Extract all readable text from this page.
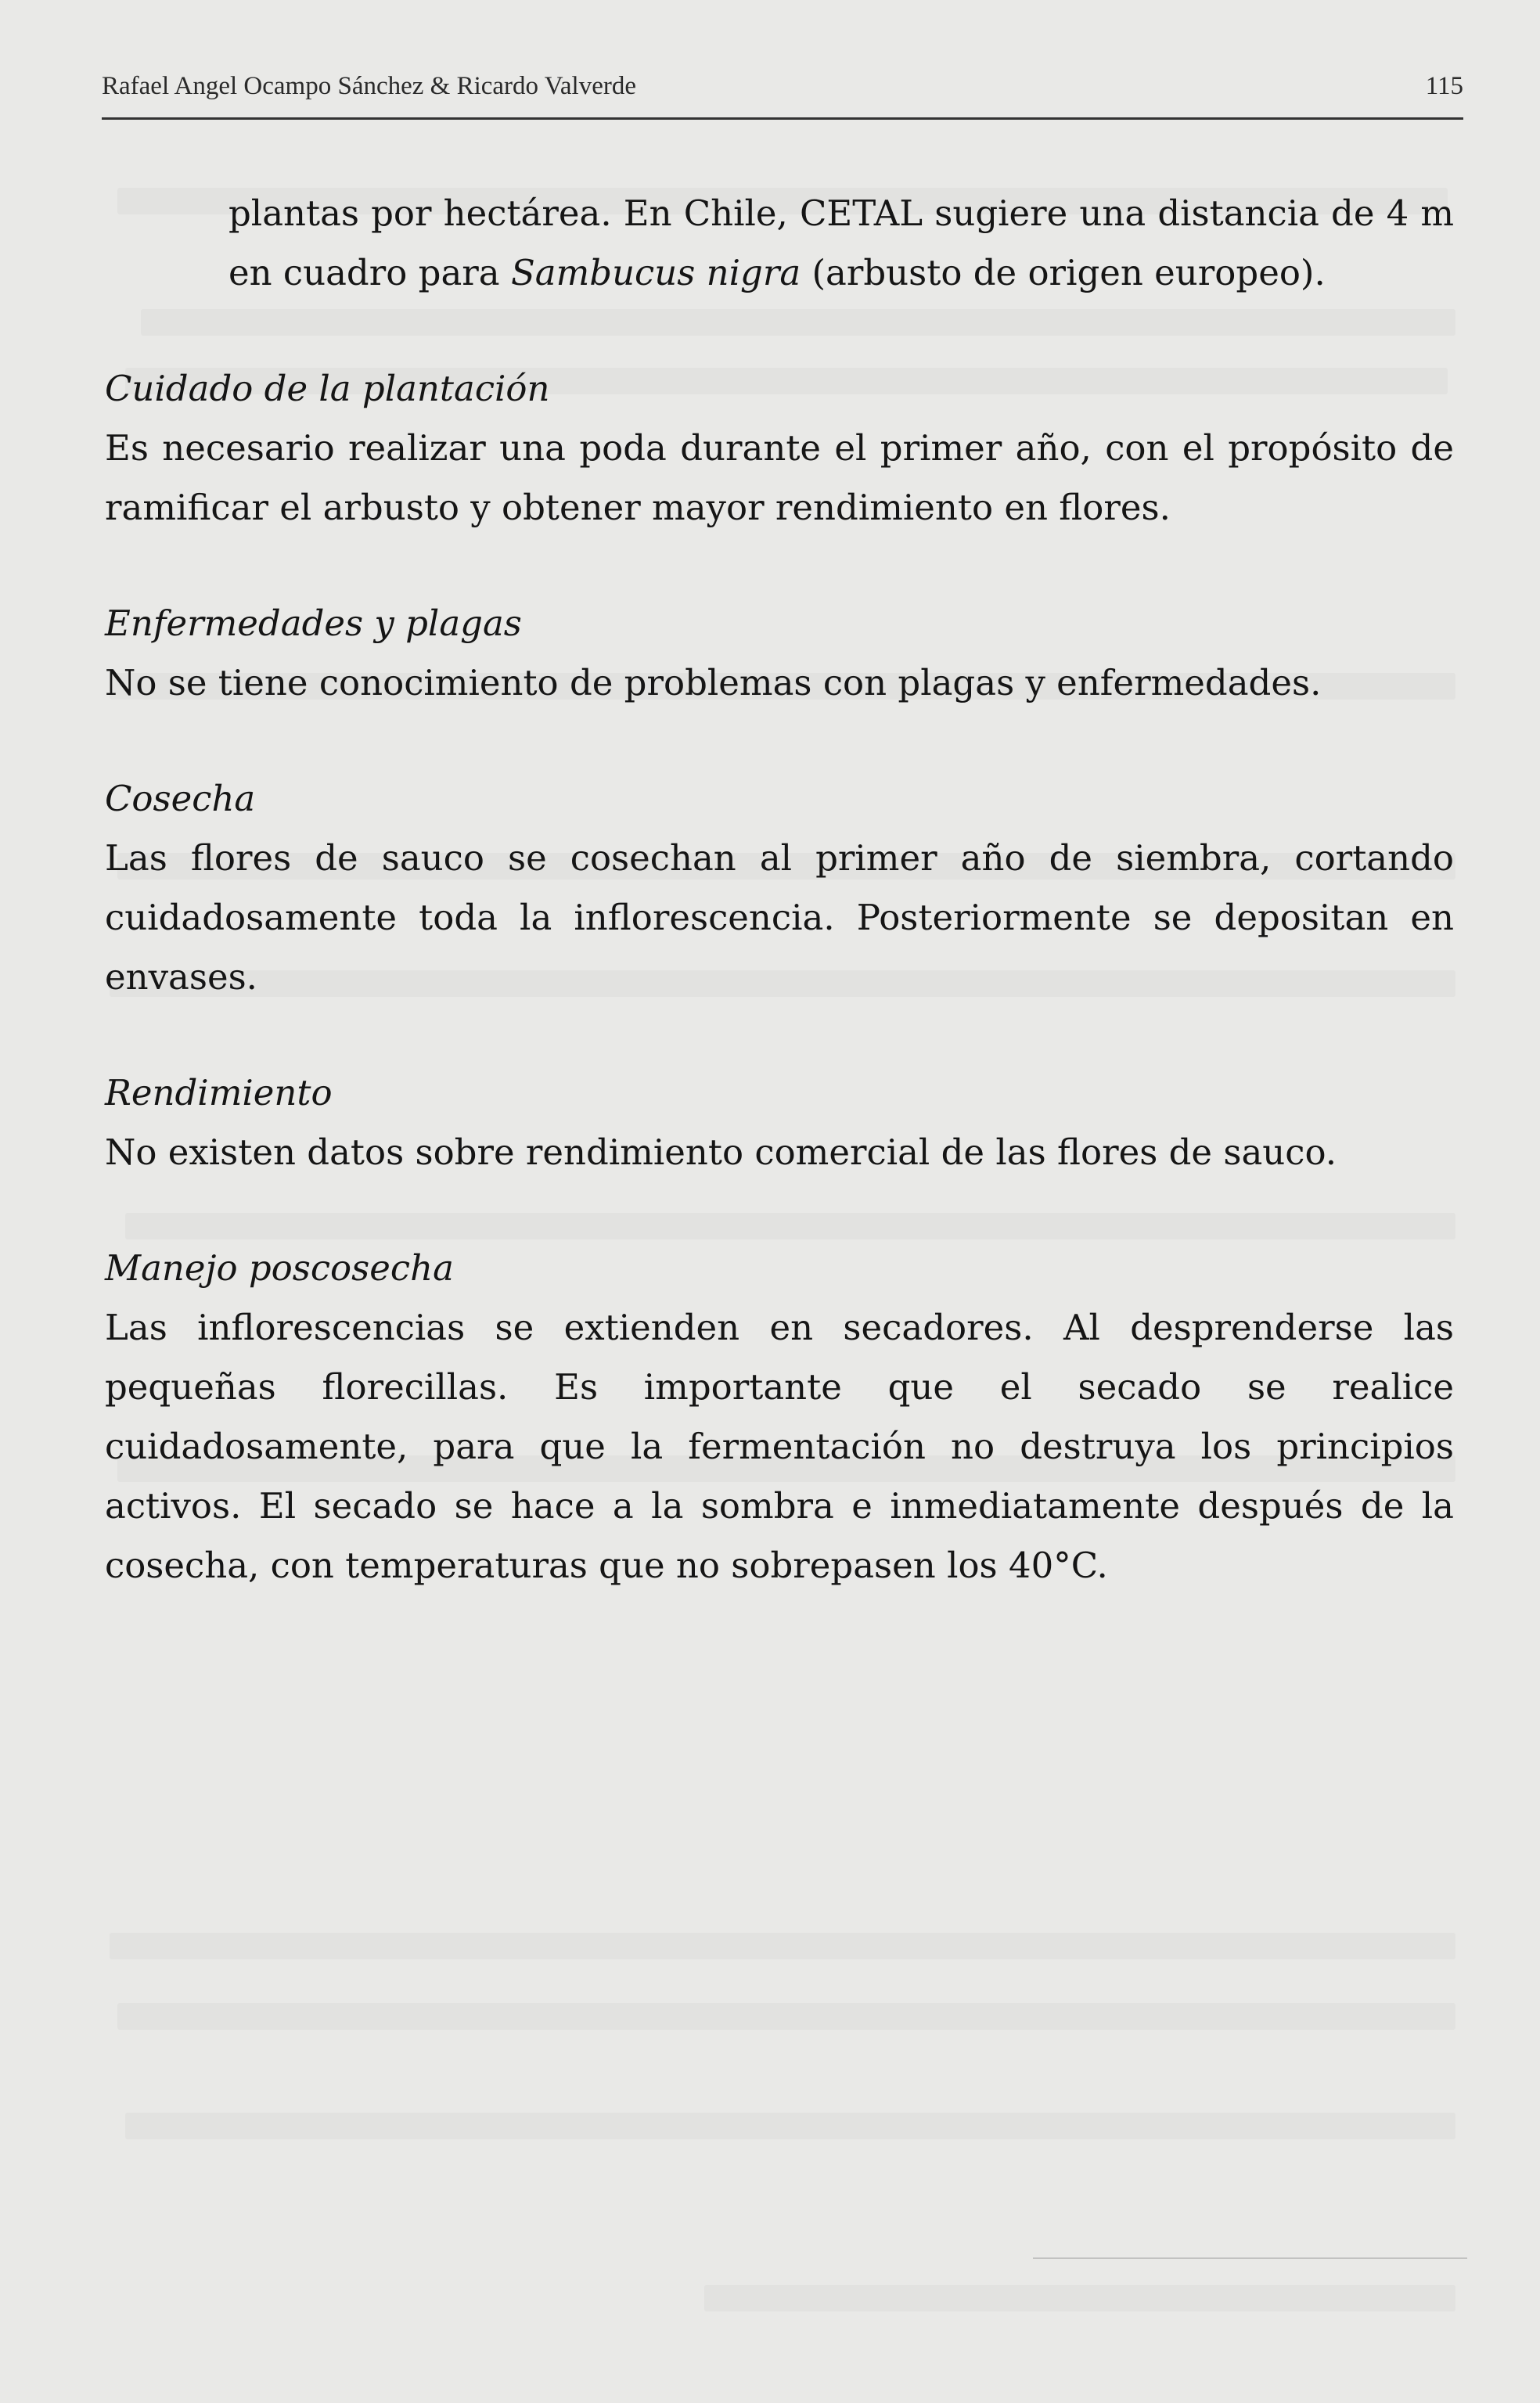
Rafael Angel Ocampo Sánchez & Ricardo Valverde	115

plantas por hectárea. En Chile, CETAL sugiere una distancia de 4 m en cuadro para Sambucus nigra (arbusto de origen europeo).

Cuidado de la plantación

Es necesario realizar una poda durante el primer año, con el propósito de ramificar el arbusto y obtener mayor rendimiento en flores.

Enfermedades y plagas

No se tiene conocimiento de problemas con plagas y enfermedades.

Cosecha

Las flores de sauco se cosechan al primer año de siembra, cortando cuidadosamente toda la inflorescencia. Posteriormente se depositan en envases.

Rendimiento

No existen datos sobre rendimiento comercial de las flores de sauco.

Manejo poscosecha

Las inflorescencias se extienden en secadores. Al desprenderse las pequeñas florecillas. Es importante que el secado se realice cuidadosamente, para que la fermentación no destruya los principios activos. El secado se hace a la sombra e inmediatamente después de la cosecha, con temperaturas que no sobrepasen los 40°C.
